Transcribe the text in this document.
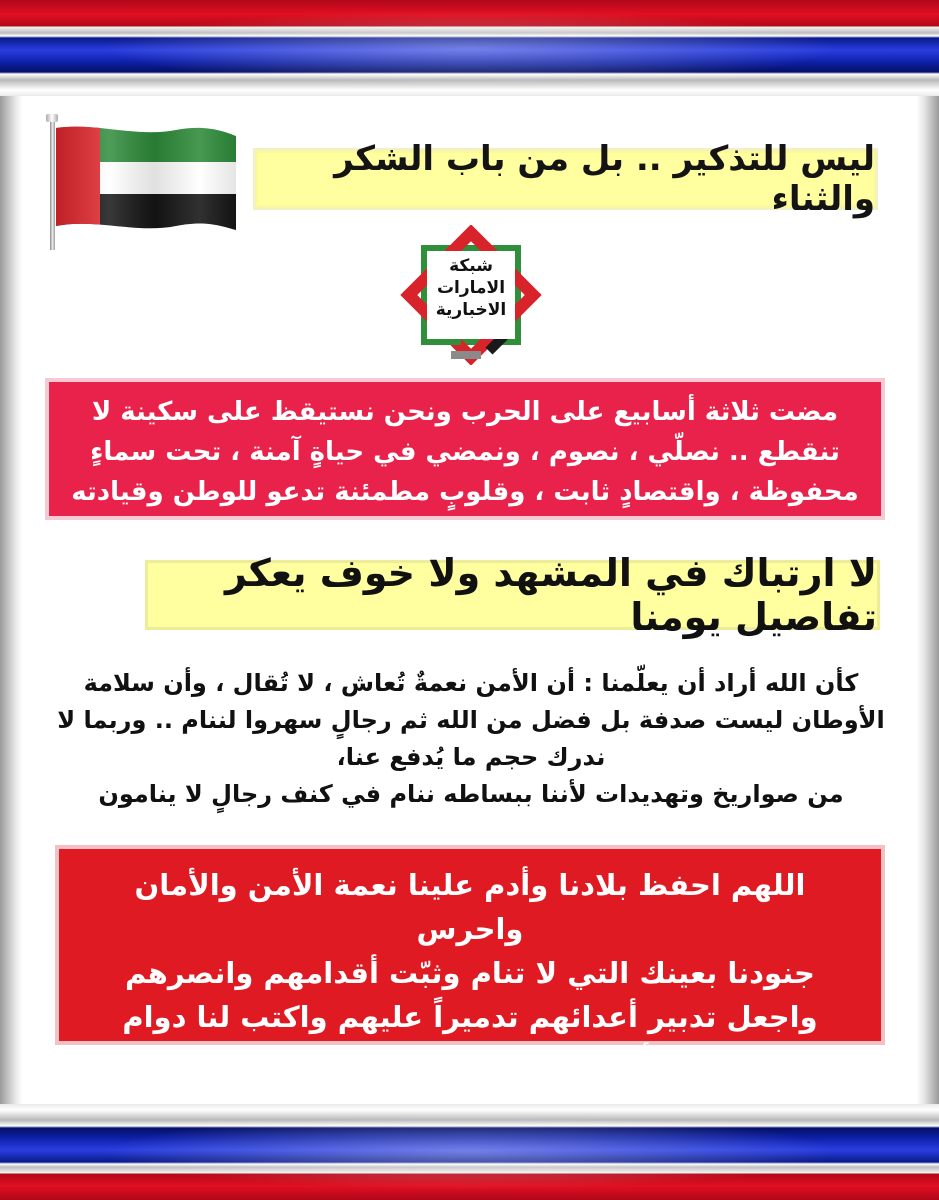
ليس للتذكير .. بل من باب الشكر والثناء
شبكة
الامارات
الاخبارية

مضت ثلاثة أسابيع على الحرب ونحن نستيقظ على سكينة لا

تنقطع .. نصلّي ، نصوم ، ونمضي في حياةٍ آمنة ، تحت سماءٍ

محفوظة ، واقتصادٍ ثابت ، وقلوبٍ مطمئنة تدعو للوطن وقيادته

لا ارتباك في المشهد ولا خوف يعكر تفاصيل يومنا

كأن الله أراد أن يعلّمنا : أن الأمن نعمةٌ تُعاش ، لا تُقال ، وأن سلامة

الأوطان ليست صدفة بل فضل من الله ثم رجالٍ سهروا لننام .. وربما لا

ندرك حجم ما يُدفع عنا،

من صواريخ وتهديدات لأننا ببساطه ننام في كنف رجالٍ لا ينامون

اللهم احفظ بلادنا وأدم علينا نعمة الأمن والأمان واحرس

جنودنا بعينك التي لا تنام وثبّت أقدامهم وانصرهم

واجعل تدبير أعدائهم تدميراً عليهم واكتب لنا دوام

الطمأنينة والاستقرار يارب العالمين
